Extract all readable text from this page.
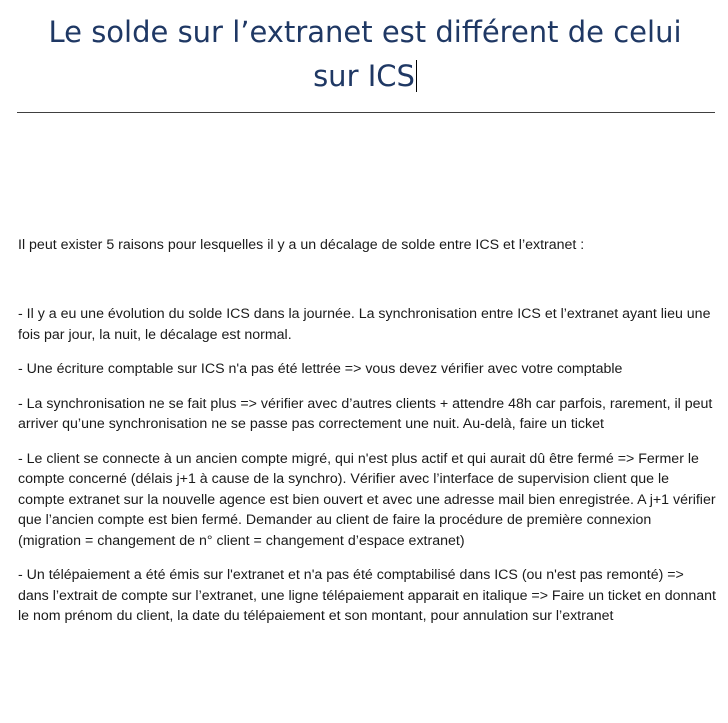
Le solde sur l’extranet est différent de celui
sur ICS

Il peut exister 5 raisons pour lesquelles il y a un décalage de solde entre ICS et l’extranet :

- Il y a eu une évolution du solde ICS dans la journée. La synchronisation entre ICS et l’extranet ayant lieu une fois par jour, la nuit, le décalage est normal.
- Une écriture comptable sur ICS n'a pas été lettrée => vous devez vérifier avec votre comptable
- La synchronisation ne se fait plus => vérifier avec d’autres clients + attendre 48h car parfois, rarement, il peut arriver qu’une synchronisation ne se passe pas correctement une nuit. Au-delà, faire un ticket
- Le client se connecte à un ancien compte migré, qui n'est plus actif et qui aurait dû être fermé => Fermer le compte concerné (délais j+1 à cause de la synchro). Vérifier avec l’interface de supervision client que le compte extranet sur la nouvelle agence est bien ouvert et avec une adresse mail bien enregistrée. A j+1 vérifier que l’ancien compte est bien fermé. Demander au client de faire la procédure de première connexion (migration = changement de n° client = changement d’espace extranet)
- Un télépaiement a été émis sur l'extranet et n'a pas été comptabilisé dans ICS (ou n'est pas remonté) => dans l’extrait de compte sur l’extranet, une ligne télépaiement apparait en italique => Faire un ticket en donnant le nom prénom du client, la date du télépaiement et son montant, pour annulation sur l’extranet
